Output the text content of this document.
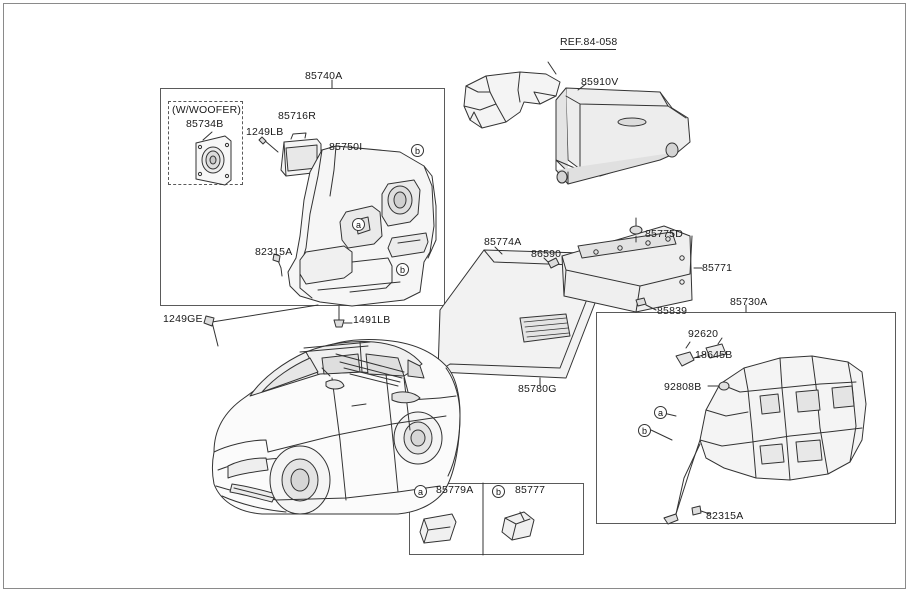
85740A
(W/WOOFER)
85734B
85716R
1249LB
85750I
82315A
1249GE	1491LB
REF.84-058
85910V
85774A
86590
85775D
85771
85839
85780G
85730A
92620
18645B
92808B
82315A
85779A	85777
b
a
b
a
b
a	b
